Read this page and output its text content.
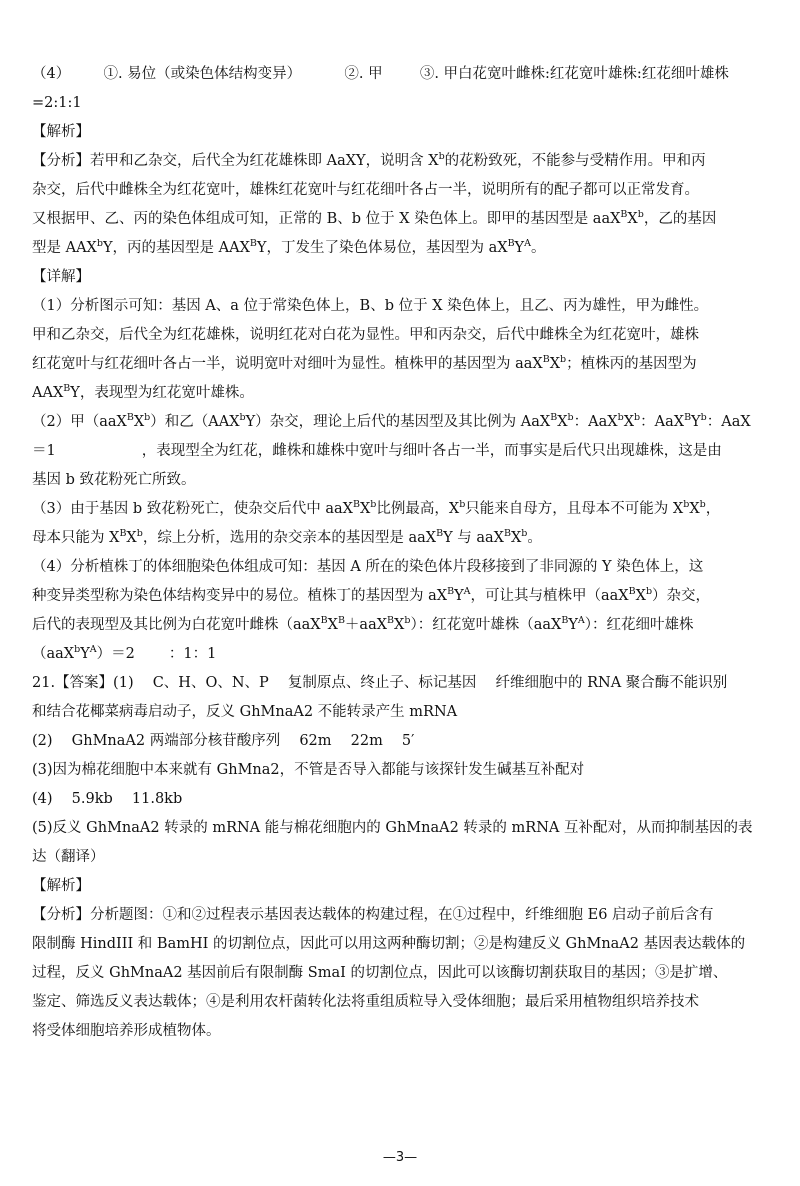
（4） ①. 易位（或染色体结构变异）	②. 甲	③. 甲白花宽叶雌株:红花宽叶雄株:红花细叶雄株

=2:1:1

【解析】

【分析】若甲和乙杂交，后代全为红花雄株即 AaXY，说明含 $X^b$的花粉致死，不能参与受精作用。甲和丙

杂交，后代中雌株全为红花宽叶，雄株红花宽叶与红花细叶各占一半，说明所有的配子都可以正常发育。

又根据甲、乙、丙的染色体组成可知，正常的 B、b 位于 X 染色体上。即甲的基因型是 $aaX^BX^b$，乙的基因

型是 AAX$^b$Y，丙的基因型是 $AAX^BY$，丁发生了染色体易位，基因型为 $aX^BY^A$。

【详解】

（1）分析图示可知：基因 A、a 位于常染色体上，B、b 位于 X 染色体上，且乙、丙为雄性，甲为雌性。

甲和乙杂交，后代全为红花雄株，说明红花对白花为显性。甲和丙杂交，后代中雌株全为红花宽叶，雄株

红花宽叶与红花细叶各占一半，说明宽叶对细叶为显性。植株甲的基因型为 $aaX^BX^b$；植株丙的基因型为

$AAX^BY$，表现型为红花宽叶雄株。

（2）甲$(aaX^BX^b)$和乙（AAX$^b$Y）杂交，理论上后代的基因型及其比例为 $AaX^BX^b$：$AaX^bX^b$：$AaX^BY^b$：AaX

＝1	，表现型全为红花，雌株和雄株中宽叶与细叶各占一半，而事实是后代只出现雄株，这是由

基因 b 致花粉死亡所致。

（3）由于基因 b 致花粉死亡，使杂交后代中 $aaX^BX^b$比例最高，$X^b$只能来自母方，且母本不可能为 $X^bX^b$，

母本只能为 $X^BX^b$，综上分析，选用的杂交亲本的基因型是 aaX$^B$Y 与 $aaX^BX^b$。

（4）分析植株丁的体细胞染色体组成可知：基因 A 所在的染色体片段移接到了非同源的 Y 染色体上，这

种变异类型称为染色体结构变异中的易位。植株丁的基因型为 $aX^BY^A$，可让其与植株甲$(aaX^BX^b)$杂交，

后代的表现型及其比例为白花宽叶雌株$(aaX^BX^B+aaX^BX^b)$：红花宽叶雄株$(aaX^BY^A)$：红花细叶雄株

$(aaX^bY^A)=2$ ：1：1

21.【答案】(1)　 C、H、O、N、P　 复制原点、终止子、标记基因　 纤维细胞中的 RNA 聚合酶不能识别

和结合花椰菜病毒启动子，反义 GhMnaA2 不能转录产生 mRNA

(2)　 GhMnaA2 两端部分核苷酸序列　 62m　 22m　 5′

(3)因为棉花细胞中本来就有 GhMna2，不管是否导入都能与该探针发生碱基互补配对

(4)　 5.9kb　 11.8kb

(5)反义 GhMnaA2 转录的 mRNA 能与棉花细胞内的 GhMnaA2 转录的 mRNA 互补配对，从而抑制基因的表

达（翻译）

【解析】

【分析】分析题图：①和②过程表示基因表达载体的构建过程，在①过程中，纤维细胞 E6 启动子前后含有

限制酶 HindIII 和 BamHI 的切割位点，因此可以用这两种酶切割；②是构建反义 GhMnaA2 基因表达载体的

过程，反义 GhMnaA2 基因前后有限制酶 SmaI 的切割位点，因此可以该酶切割获取目的基因；③是扩增、

鉴定、筛选反义表达载体；④是利用农杆菌转化法将重组质粒导入受体细胞；最后采用植物组织培养技术

将受体细胞培养形成植物体。

—3—
